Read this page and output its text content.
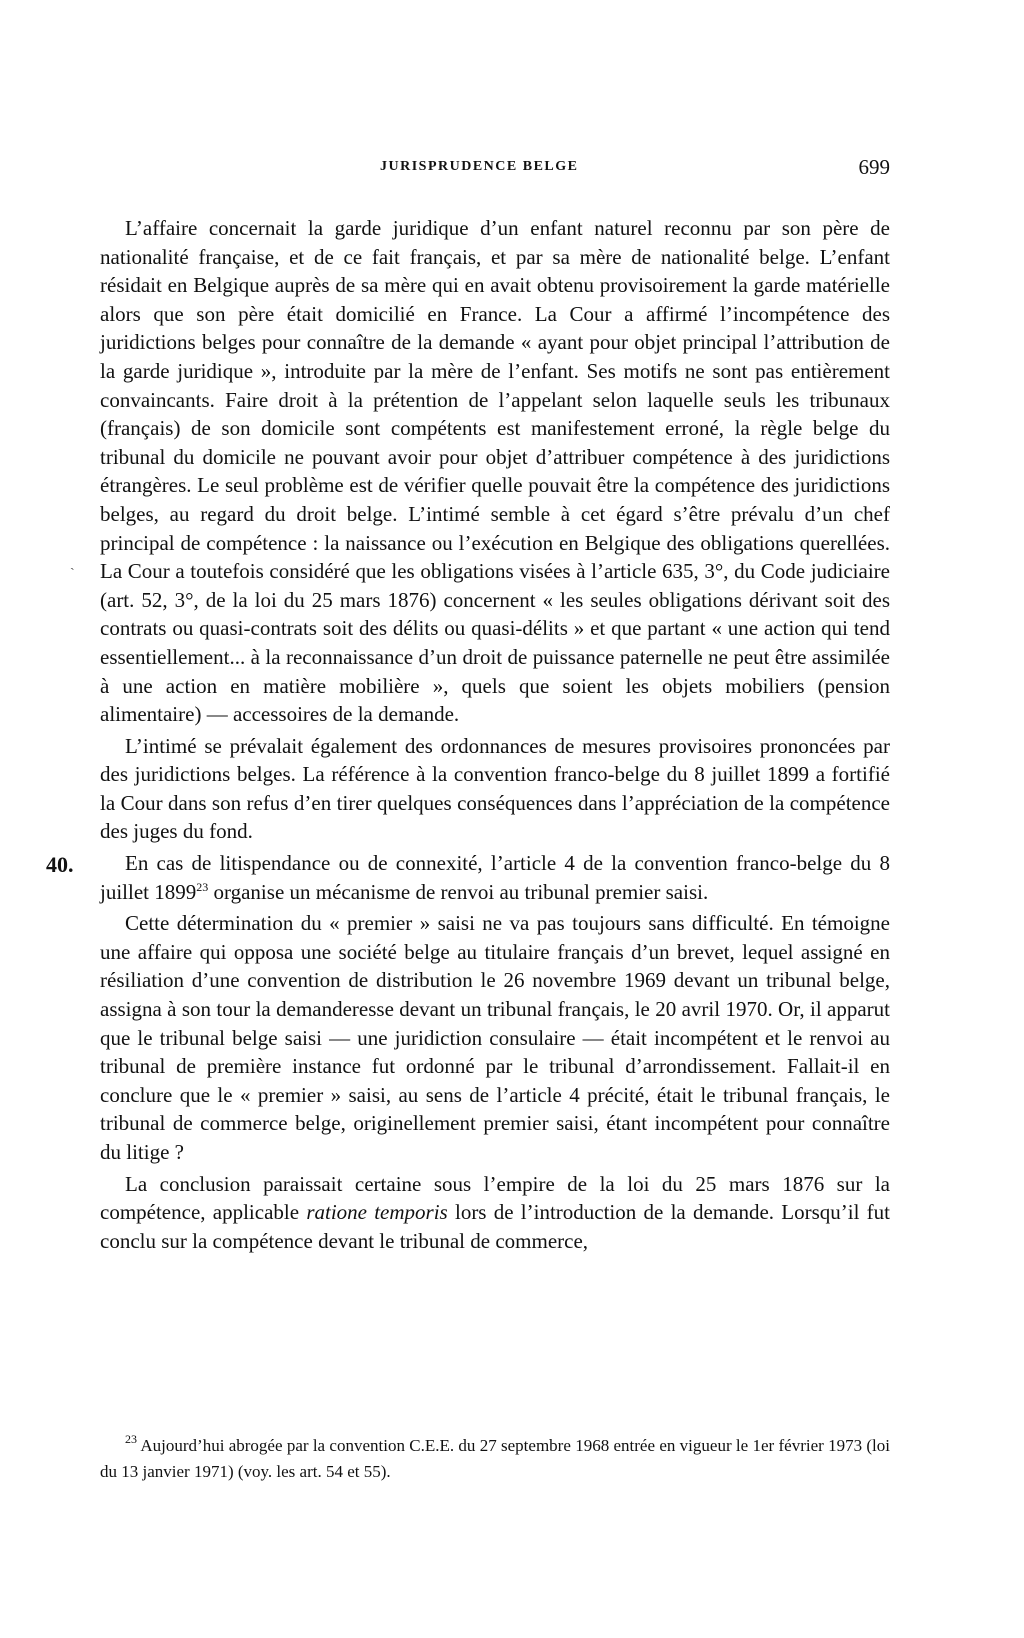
JURISPRUDENCE BELGE	699
ˎ

L’affaire concernait la garde juridique d’un enfant naturel reconnu par son père de nationalité française, et de ce fait français, et par sa mère de nationalité belge. L’enfant résidait en Belgique auprès de sa mère qui en avait obtenu provisoirement la garde matérielle alors que son père était domicilié en France. La Cour a affirmé l’incompétence des juridictions belges pour connaître de la demande « ayant pour objet principal l’attribution de la garde juridique », introduite par la mère de l’enfant. Ses motifs ne sont pas entièrement convaincants. Faire droit à la prétention de l’appelant selon laquelle seuls les tribunaux (français) de son domicile sont compétents est manifestement erroné, la règle belge du tribunal du domicile ne pouvant avoir pour objet d’attribuer compétence à des juridictions étrangères. Le seul problème est de vérifier quelle pouvait être la compétence des juridictions belges, au regard du droit belge. L’intimé semble à cet égard s’être prévalu d’un chef principal de compétence : la naissance ou l’exécution en Belgique des obligations querellées. La Cour a toutefois considéré que les obligations visées à l’article 635, 3°, du Code judiciaire (art. 52, 3°, de la loi du 25 mars 1876) concernent « les seules obligations dérivant soit des contrats ou quasi-contrats soit des délits ou quasi-délits » et que partant « une action qui tend essentiellement... à la reconnaissance d’un droit de puissance paternelle ne peut être assimilée à une action en matière mobilière », quels que soient les objets mobiliers (pension alimentaire) — accessoires de la demande.

L’intimé se prévalait également des ordonnances de mesures provisoires prononcées par des juridictions belges. La référence à la convention franco-belge du 8 juillet 1899 a fortifié la Cour dans son refus d’en tirer quelques conséquences dans l’appréciation de la compétence des juges du fond.

40. En cas de litispendance ou de connexité, l’article 4 de la convention franco-belge du 8 juillet 1899$^{23}$ organise un mécanisme de renvoi au tribunal premier saisi.

Cette détermination du « premier » saisi ne va pas toujours sans difficulté. En témoigne une affaire qui opposa une société belge au titulaire français d’un brevet, lequel assigné en résiliation d’une convention de distribution le 26 novembre 1969 devant un tribunal belge, assigna à son tour la demanderesse devant un tribunal français, le 20 avril 1970. Or, il apparut que le tribunal belge saisi — une juridiction consulaire — était incompétent et le renvoi au tribunal de première instance fut ordonné par le tribunal d’arrondissement. Fallait-il en conclure que le « premier » saisi, au sens de l’article 4 précité, était le tribunal français, le tribunal de commerce belge, originellement premier saisi, étant incompétent pour connaître du litige ?

La conclusion paraissait certaine sous l’empire de la loi du 25 mars 1876 sur la compétence, applicable ratione temporis lors de l’introduction de la demande. Lorsqu’il fut conclu sur la compétence devant le tribunal de commerce,

$^{23}$ Aujourd’hui abrogée par la convention C.E.E. du 27 septembre 1968 entrée en vigueur le 1er février 1973 (loi du 13 janvier 1971) (voy. les art. 54 et 55).
